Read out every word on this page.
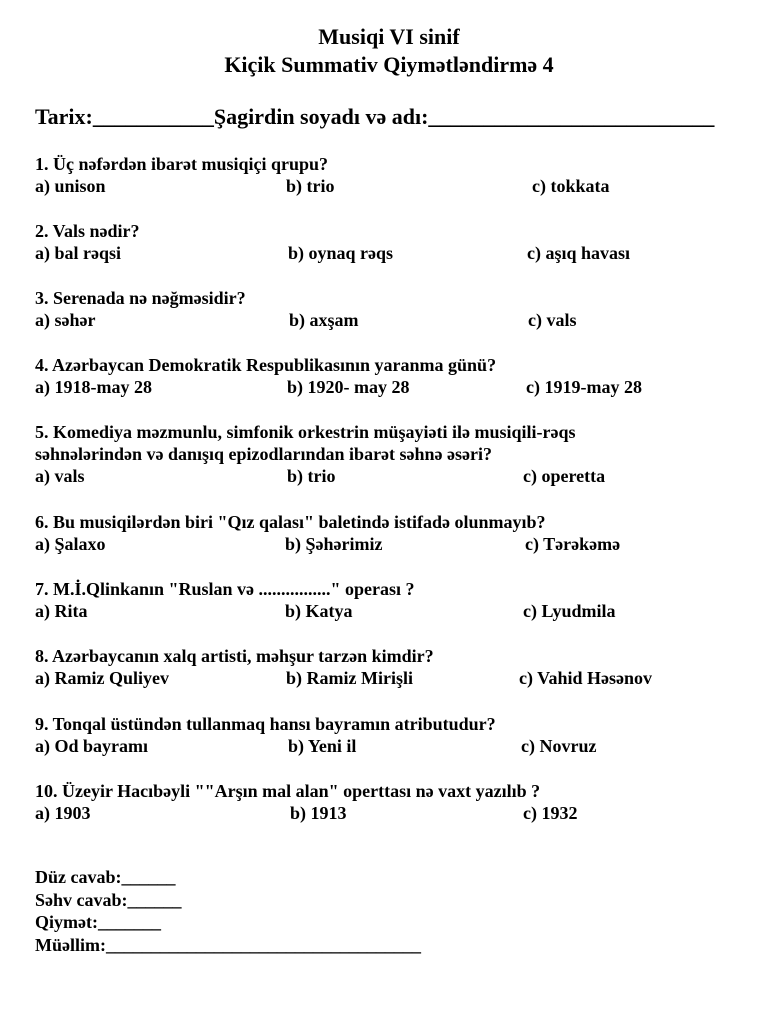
Musiqi VI sinif
Kiçik Summativ Qiymətləndirmə 4
Tarix:___________Şagirdin soyadı və adı:__________________________
1. Üç nəfərdən ibarət musiqiçi qrupu?
a) unison	b) trio	c) tokkata
2. Vals nədir?
a) bal rəqsi	b) oynaq rəqs	c) aşıq havası
3. Serenada nə nəğməsidir?
a) səhər	b) axşam	c) vals
4. Azərbaycan Demokratik Respublikasının yaranma günü?
a) 1918-may 28	b) 1920- may 28	c) 1919-may 28
5. Komediya məzmunlu, simfonik orkestrin müşayiəti ilə musiqili-rəqs
səhnələrindən və danışıq epizodlarından ibarət səhnə əsəri?
a) vals	b) trio	c) operetta
6. Bu musiqilərdən biri "Qız qalası" baletində istifadə olunmayıb?
a) Şalaxo	b) Şəhərimiz	c) Tərəkəmə
7. M.İ.Qlinkanın "Ruslan və ................" operası ?
a) Rita	b) Katya	c) Lyudmila
8. Azərbaycanın xalq artisti, məhşur tarzən kimdir?
a) Ramiz Quliyev	b) Ramiz Mirişli	c) Vahid Həsənov
9. Tonqal üstündən tullanmaq hansı bayramın atributudur?
a) Od bayramı	b) Yeni il	c) Novruz
10. Üzeyir Hacıbəyli ""Arşın mal alan" operttası nə vaxt yazılıb ?
a) 1903	b) 1913	c) 1932
Düz cavab:______
Səhv cavab:______
Qiymət:_______
Müəllim:___________________________________
